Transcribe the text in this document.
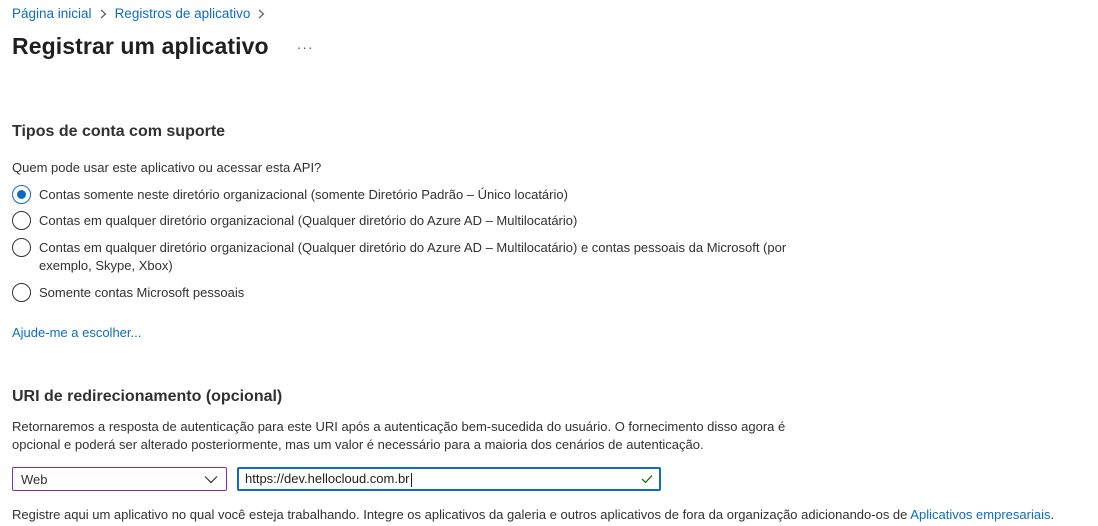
Página inicial Registros de aplicativo
Registrar um aplicativo ···
Tipos de conta com suporte
Quem pode usar este aplicativo ou acessar esta API?
Contas somente neste diretório organizacional (somente Diretório Padrão – Único locatário)
Contas em qualquer diretório organizacional (Qualquer diretório do Azure AD – Multilocatário)
Contas em qualquer diretório organizacional (Qualquer diretório do Azure AD – Multilocatário) e contas pessoais da Microsoft (por exemplo, Skype, Xbox)
Somente contas Microsoft pessoais
Ajude-me a escolher...
URI de redirecionamento (opcional)

Retornaremos a resposta de autenticação para este URI após a autenticação bem-sucedida do usuário. O fornecimento disso agora é opcional e poderá ser alterado posteriormente, mas um valor é necessário para a maioria dos cenários de autenticação.

Web	https://dev.hellocloud.com.br

Registre aqui um aplicativo no qual você esteja trabalhando. Integre os aplicativos da galeria e outros aplicativos de fora da organização adicionando-os de Aplicativos empresariais.
